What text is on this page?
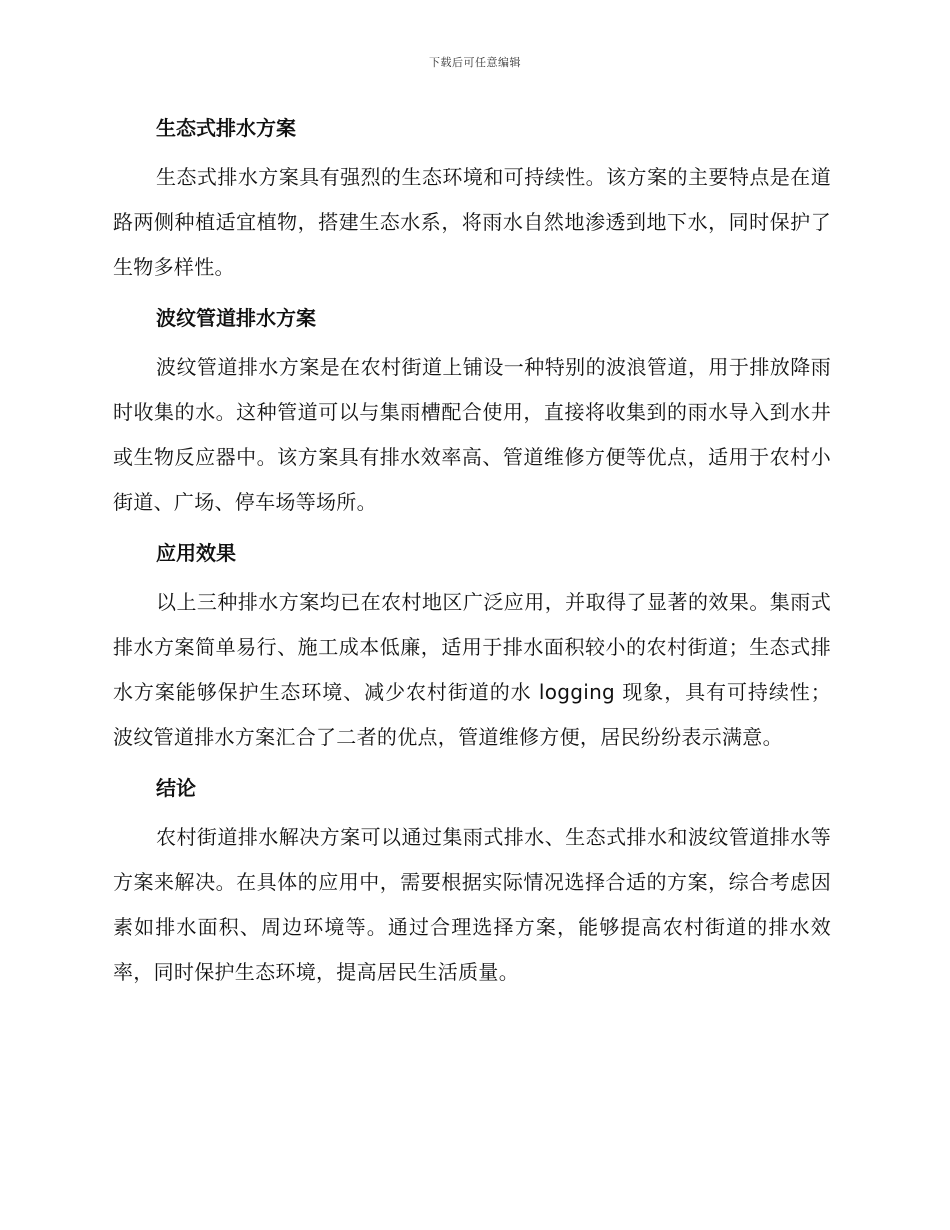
下载后可任意编辑
生态式排水方案

生态式排水方案具有强烈的生态环境和可持续性。该方案的主要特点是在道路两侧种植适宜植物，搭建生态水系，将雨水自然地渗透到地下水，同时保护了生物多样性。

波纹管道排水方案

波纹管道排水方案是在农村街道上铺设一种特别的波浪管道，用于排放降雨时收集的水。这种管道可以与集雨槽配合使用，直接将收集到的雨水导入到水井或生物反应器中。该方案具有排水效率高、管道维修方便等优点，适用于农村小街道、广场、停车场等场所。

应用效果

以上三种排水方案均已在农村地区广泛应用，并取得了显著的效果。集雨式排水方案简单易行、施工成本低廉，适用于排水面积较小的农村街道；生态式排水方案能够保护生态环境、减少农村街道的水 logging 现象，具有可持续性；波纹管道排水方案汇合了二者的优点，管道维修方便，居民纷纷表示满意。

结论

农村街道排水解决方案可以通过集雨式排水、生态式排水和波纹管道排水等方案来解决。在具体的应用中，需要根据实际情况选择合适的方案，综合考虑因素如排水面积、周边环境等。通过合理选择方案，能够提高农村街道的排水效率，同时保护生态环境，提高居民生活质量。
